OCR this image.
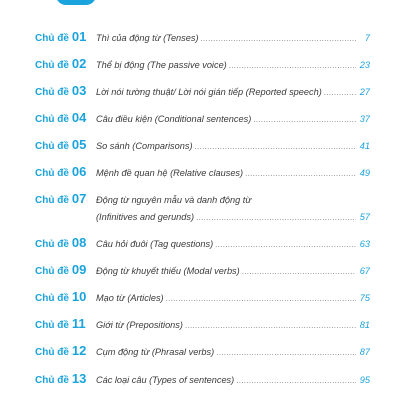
Chủ đề 01 Thì của động từ (Tenses) .....	7
Chủ đề 02 Thể bị động (The passive voice) .....	23
Chủ đề 03 Lời nói tường thuật/ Lời nói gián tiếp (Reported speech) .....	27
Chủ đề 04 Câu điều kiện (Conditional sentences) .....	37
Chủ đề 05 So sánh (Comparisons) .....	41
Chủ đề 06 Mệnh đề quan hệ (Relative clauses) .....	49
Chủ đề 07 Động từ nguyên mẫu và danh động từ
(Infinitives and gerunds) .....	57
Chủ đề 08 Câu hỏi đuôi (Tag questions) .....	63
Chủ đề 09 Động từ khuyết thiếu (Modal verbs) .....	67
Chủ đề 10 Mạo từ (Articles) .....	75
Chủ đề 11 Giới từ (Prepositions) .....	81
Chủ đề 12 Cụm động từ (Phrasal verbs) .....	87
Chủ đề 13 Các loại câu (Types of sentences) .....	95
